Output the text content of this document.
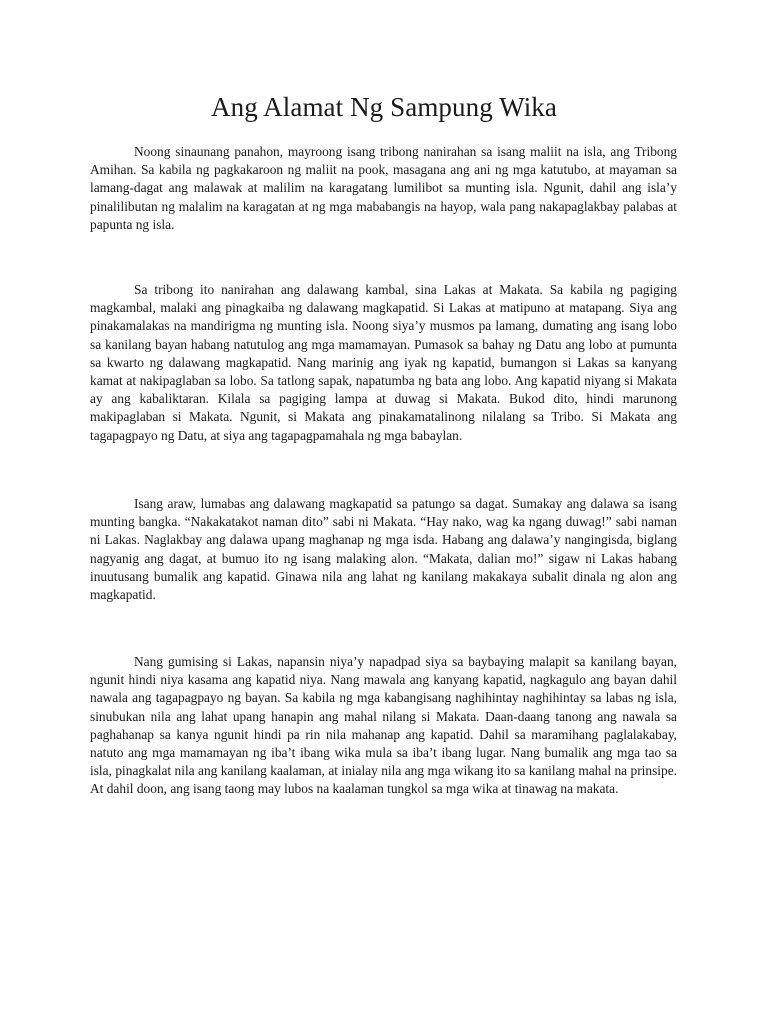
Ang Alamat Ng Sampung Wika

Noong sinaunang panahon, mayroong isang tribong nanirahan sa isang maliit na isla, ang Tribong Amihan. Sa kabila ng pagkakaroon ng maliit na pook, masagana ang ani ng mga katutubo, at mayaman sa lamang-dagat ang malawak at malilim na karagatang lumilibot sa munting isla. Ngunit, dahil ang isla’y pinalilibutan ng malalim na karagatan at ng mga mababangis na hayop, wala pang nakapaglakbay palabas at papunta ng isla.

Sa tribong ito nanirahan ang dalawang kambal, sina Lakas at Makata. Sa kabila ng pagiging magkambal, malaki ang pinagkaiba ng dalawang magkapatid. Si Lakas at matipuno at matapang. Siya ang pinakamalakas na mandirigma ng munting isla. Noong siya’y musmos pa lamang, dumating ang isang lobo sa kanilang bayan habang natutulog ang mga mamamayan. Pumasok sa bahay ng Datu ang lobo at pumunta sa kwarto ng dalawang magkapatid. Nang marinig ang iyak ng kapatid, bumangon si Lakas sa kanyang kamat at nakipaglaban sa lobo. Sa tatlong sapak, napatumba ng bata ang lobo. Ang kapatid niyang si Makata ay ang kabaliktaran. Kilala sa pagiging lampa at duwag si Makata. Bukod dito, hindi marunong makipaglaban si Makata. Ngunit, si Makata ang pinakamatalinong nilalang sa Tribo. Si Makata ang tagapagpayo ng Datu, at siya ang tagapagpamahala ng mga babaylan.

Isang araw, lumabas ang dalawang magkapatid sa patungo sa dagat. Sumakay ang dalawa sa isang munting bangka. “Nakakatakot naman dito” sabi ni Makata. “Hay nako, wag ka ngang duwag!” sabi naman ni Lakas. Naglakbay ang dalawa upang maghanap ng mga isda. Habang ang dalawa’y nangingisda, biglang nagyanig ang dagat, at bumuo ito ng isang malaking alon. “Makata, dalian mo!” sigaw ni Lakas habang inuutusang bumalik ang kapatid. Ginawa nila ang lahat ng kanilang makakaya subalit dinala ng alon ang magkapatid.

Nang gumising si Lakas, napansin niya’y napadpad siya sa baybaying malapit sa kanilang bayan, ngunit hindi niya kasama ang kapatid niya. Nang mawala ang kanyang kapatid, nagkagulo ang bayan dahil nawala ang tagapagpayo ng bayan. Sa kabila ng mga kabangisang naghihintay naghihintay sa labas ng isla, sinubukan nila ang lahat upang hanapin ang mahal nilang si Makata. Daan-daang tanong ang nawala sa paghahanap sa kanya ngunit hindi pa rin nila mahanap ang kapatid. Dahil sa maramihang paglalakabay, natuto ang mga mamamayan ng iba’t ibang wika mula sa iba’t ibang lugar. Nang bumalik ang mga tao sa isla, pinagkalat nila ang kanilang kaalaman, at inialay nila ang mga wikang ito sa kanilang mahal na prinsipe. At dahil doon, ang isang taong may lubos na kaalaman tungkol sa mga wika at tinawag na makata.
